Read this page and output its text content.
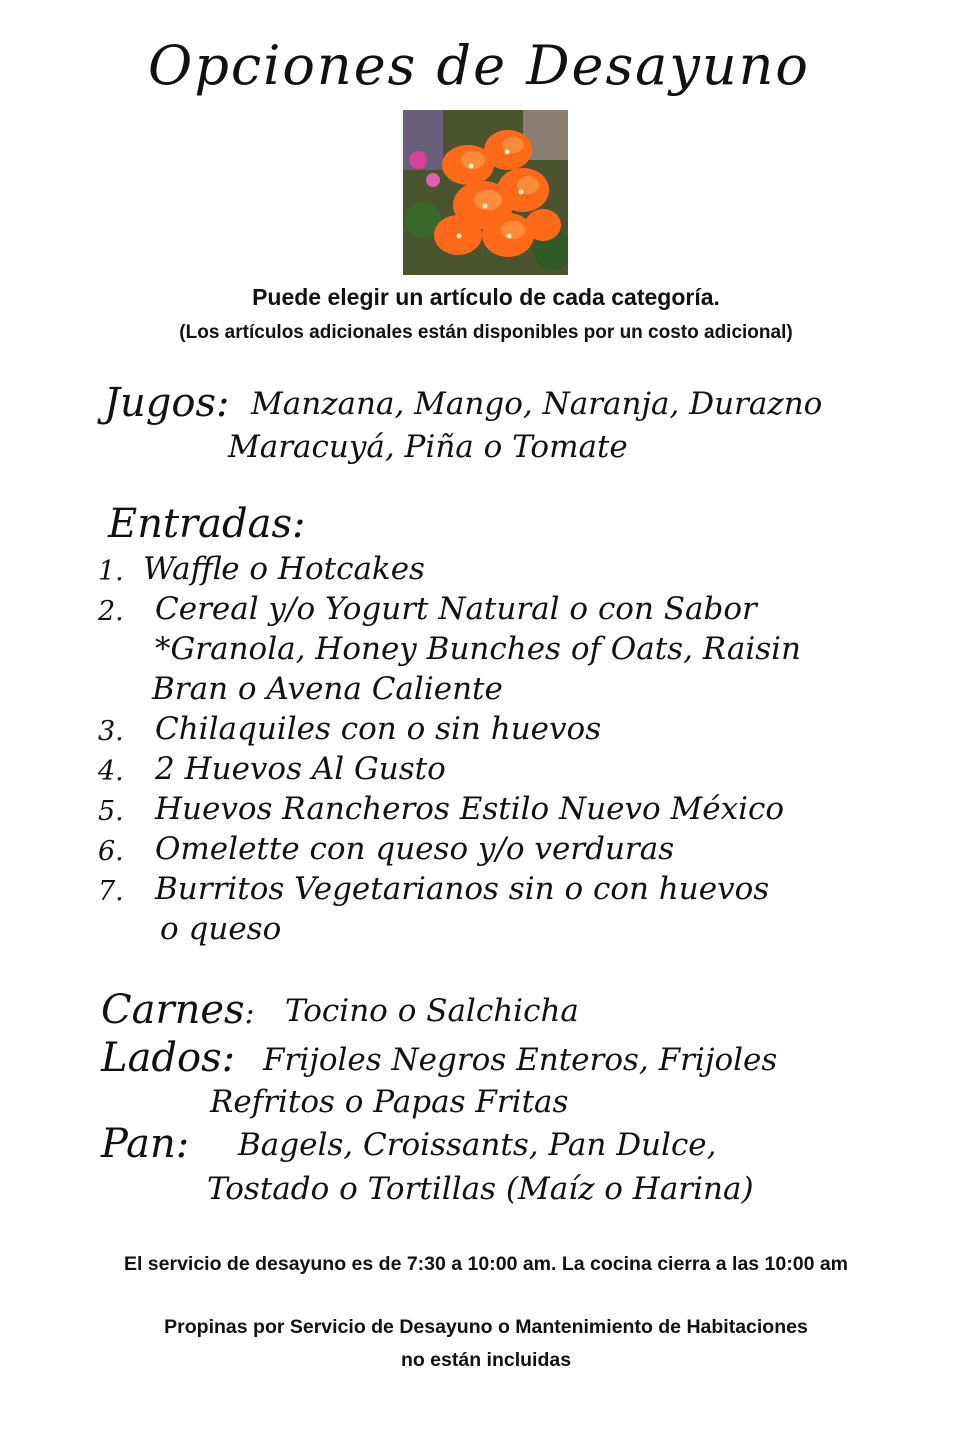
Opciones de Desayuno
Puede elegir un artículo de cada categoría.
(Los artículos adicionales están disponibles por un costo adicional)
Jugos: Manzana, Mango, Naranja, Durazno
Maracuyá, Piña o Tomate
Entradas:
1. Waffle o Hotcakes
2. Cereal y/o Yogurt Natural o con Sabor
*Granola, Honey Bunches of Oats, Raisin
Bran o Avena Caliente
3. Chilaquiles con o sin huevos
4. 2 Huevos Al Gusto
5. Huevos Rancheros Estilo Nuevo México
6. Omelette con queso y/o verduras
7. Burritos Vegetarianos sin o con huevos
o queso
Carnes: Tocino o Salchicha
Lados: Frijoles Negros Enteros, Frijoles
Refritos o Papas Fritas
Pan: Bagels, Croissants, Pan Dulce,
Tostado o Tortillas (Maíz o Harina)
El servicio de desayuno es de 7:30 a 10:00 am. La cocina cierra a las 10:00 am
Propinas por Servicio de Desayuno o Mantenimiento de Habitaciones
no están incluidas
